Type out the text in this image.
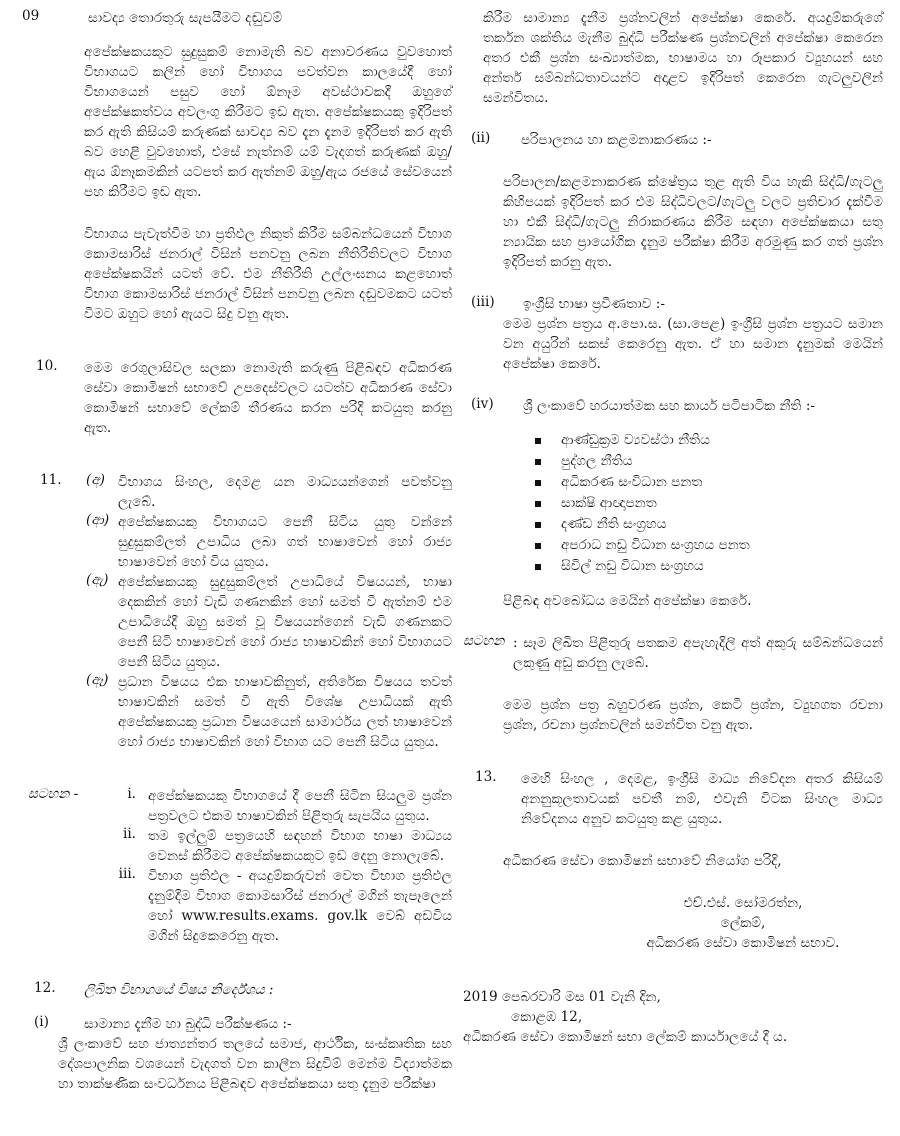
09	සාවද්‍ය තොරතුරු සැපයීමට දඬුවම්

අපේක්ෂකයකුට සුදුසුකම් නොමැති බව අනාවරණය වුවහොත් විභාගයට කලින් හෝ විභාගය පවත්වන කාලයේදී හෝ විභාගයෙන් පසුව හෝ ඕනෑම අවස්ථාවකදී ඔහුගේ අපේක්ෂකත්වය අවලංගු කිරීමට ඉඩ ඇත. අපේක්ෂකයකු ඉදිරිපත් කර ඇති කිසියම් කරුණක් සාවද්‍ය බව දැන දැනම ඉදිරිපත් කර ඇති බව හෙළි වුවහොත්, එසේ නැත්නම් යම් වැදගත් කරුණක් ඔහු/ඇය ඕනෑකමකින් යටපත් කර ඇත්නම් ඔහු/ඇය රජයේ සේවයෙන් පහ කිරීමට ඉඩ ඇත.

විභාගය පැවැත්වීම හා ප්‍රතිඵල නිකුත් කිරීම සම්බන්ධයෙන් විභාග කොමසාරිස් ජනරාල් විසින් පනවනු ලබන නීතිරීතිවලට විභාග අපේක්ෂකයින් යටත් වේ. එම නීතිරීති උල්ලංඝනය කළහොත් විභාග කොමසාරිස් ජනරාල් විසින් පනවනු ලබන දඬුවමකට යටත් වීමට ඔහුට හෝ ඇයට සිදු වනු ඇත.

10. මෙම රෙගුලාසිවල සලකා නොමැති කරුණු පිළිබඳව අධිකරණ සේවා කොමිෂන් සභාවේ උපදෙස්වලට යටත්ව අධිකරණ සේවා කොමිෂන් සභාවේ ලේකම් තීරණය කරන පරිදි කටයුතු කරනු ඇත.

11. (අ) විභාගය සිංහල, දෙමළ යන මාධ්‍යයන්ගෙන් පවත්වනු ලැබේ.

(ආ) අපේක්ෂකයකු විභාගයට පෙනී සිටිය යුතු වන්නේ සුදුසුකම්ලත් උපාධිය ලබා ගත් භාෂාවෙන් හෝ රාජ්‍ය භාෂාවෙන් හෝ විය යුතුය.

(ඇ) අපේක්ෂකයකු සුදුසුකම්ලත් උපාධියේ විෂයයන්, භාෂා දෙකකින් හෝ වැඩි ගණනකින් හෝ සමත් වී ඇත්නම් එම උපාධියේදී ඔහු සමත් වූ විෂයයන්ගෙන් වැඩි ගණනකට පෙනී සිටි භාෂාවෙන් හෝ රාජ්‍ය භාෂාවකින් හෝ විභාගයට පෙනී සිටිය යුතුය.

(ඈ) ප්‍රධාන විෂයය එක භාෂාවකිනුත්, අතිරේක විෂයය තවත් භාෂාවකින් සමත් වී ඇති විශේෂ උපාධියක් ඇති අපේක්ෂකයකු ප්‍රධාන විෂයයෙන් සාමාර්ථය ලත් භාෂාවෙන් හෝ රාජ්‍ය භාෂාවකින් හෝ විභාග යට පෙනී සිටිය යුතුය.

සටහන -	i. අපේක්ෂකයකු විභාගයේ දී පෙනී සිටින සියලුම ප්‍රශ්න පත්‍රවලට එකම භාෂාවකින් පිළිතුරු සැපයිය යුතුය.

ii. තම ඉල්ලුම් පත්‍රයෙහි සඳහන් විභාග භාෂා මාධ්‍යය වෙනස් කිරීමට අපේක්ෂකයකුට ඉඩ දෙනු නොලැබේ.

iii. විභාග ප්‍රතිඵල - අයදුම්කරුවන් වෙත විභාග ප්‍රතිඵල දැනුම්දීම විභාග කොමසාරිස් ජනරාල් මගින් තැපෑලෙන් හෝ www.results.exams. gov.lk වෙබ් අඩවිය මගින් සිදුකෙරෙනු ඇත.

12. ලිඛිත විභාගයේ විෂය නිර්දේශය :

(i)	සාමාන්‍ය දැනීම හා බුද්ධි පරීක්ෂණය :-

ශ්‍රී ලංකාවේ සහ ජාත්‍යන්තර තලයේ සමාජ, ආර්ථික, සංස්කෘතික සහ දේශපාලනික වශයෙන් වැදගත් වන කාලීන සිදුවීම් මෙන්ම විද්‍යාත්මක හා තාක්ෂණික සංවර්ධනය පිළිබඳව අපේක්ෂකයා සතු දැනුම පරීක්ෂා

කිරීම සාමාන්‍ය දැනීම ප්‍රශ්නවලින් අපේක්ෂා කෙරේ. අයදුම්කරුගේ තර්කන ශක්තිය මැනීම බුද්ධි පරීක්ෂණ ප්‍රශ්නවලින් අපේක්ෂා කෙරෙන අතර එකී ප්‍රශ්න සංඛ්‍යාත්මක, භාෂාමය හා රූපකාර ව්‍යුහයන් සහ අන්තර් සම්බන්ධතාවයන්ට අදාළව ඉදිරිපත් කෙරෙන ගැටලුවලින් සමන්විතය.

(ii) පරිපාලනය හා කළමනාකරණය :-

පරිපාලන/කළමනාකරණ ක්ෂේත්‍රය තුළ ඇති විය හැකි සිද්ධි/ගැටලු කිහිපයක් ඉදිරිපත් කර එම සිද්ධිවලට/ගැටලු වලට ප්‍රතිචාර දැක්වීම හා එකී සිද්ධි/ගැටලු නිරාකරණය කිරීම සඳහා අපේක්ෂකයා සතු න්‍යායික සහ ප්‍රායෝගික දැනුම පරීක්ෂා කිරීම අරමුණු කර ගත් ප්‍රශ්න ඉදිරිපත් කරනු ඇත.

(iii) ඉංග්‍රීසි භාෂා ප්‍රවීණතාව :-

මෙම ප්‍රශ්න පත්‍රය අ.පො.ස. (සා.පෙළ) ඉංග්‍රීසි ප්‍රශ්න පත්‍රයට සමාන වන අයුරින් සකස් කෙරෙනු ඇත. ඒ හා සමාන දැනුමක් මෙයින් අපේක්ෂා කෙරේ.

(iv) ශ්‍රී ලංකාවේ හරයාත්මක සහ කාර්ය පටිපාටික නීති :-

ආණ්ඩුක්‍රම ව්‍යවස්ථා නීතිය
පුද්ගල නීතිය
අධිකරණ සංවිධාන පනත
සාක්ෂි ආඥාපනත
දණ්ඩ නීති සංග්‍රහය
අපරාධ නඩු විධාන සංග්‍රහය පනත
සිවිල් නඩු විධාන සංග්‍රහය

පිළිබඳ අවබෝධය මෙයින් අපේක්ෂා කෙරේ.

සටහන : සෑම ලිඛිත පිළිතුරු පතකම අපැහැදිලි අත් අකුරු සම්බන්ධයෙන් ලකුණු අඩු කරනු ලැබේ.

මෙම ප්‍රශ්න පත්‍ර බහුවරණ ප්‍රශ්න, කෙටි ප්‍රශ්න, ව්‍යුහගත රචනා ප්‍රශ්න, රචනා ප්‍රශ්නවලින් සමන්විත වනු ඇත.

13. මෙහි සිංහල , දෙමළ, ඉංග්‍රීසි මාධ්‍ය නිවේදන අතර කිසියම් අනනුකූලතාවයක් පවතී නම්, එවැනි විටක සිංහල මාධ්‍ය නිවේදනය අනුව කටයුතු කළ යුතුය.

අධිකරණ සේවා කොමිෂන් සභාවේ නියෝග පරිදි,

එච්.එස්. සෝමරත්න,

ලේකම්,

අධිකරණ සේවා කොමිෂන් සභාව.

2019 පෙබරවාරි මස 01 වැනි දින,

කොළඹ 12,

අධිකරණ සේවා කොමිෂන් සභා ලේකම් කාර්යාලයේ දී ය.
